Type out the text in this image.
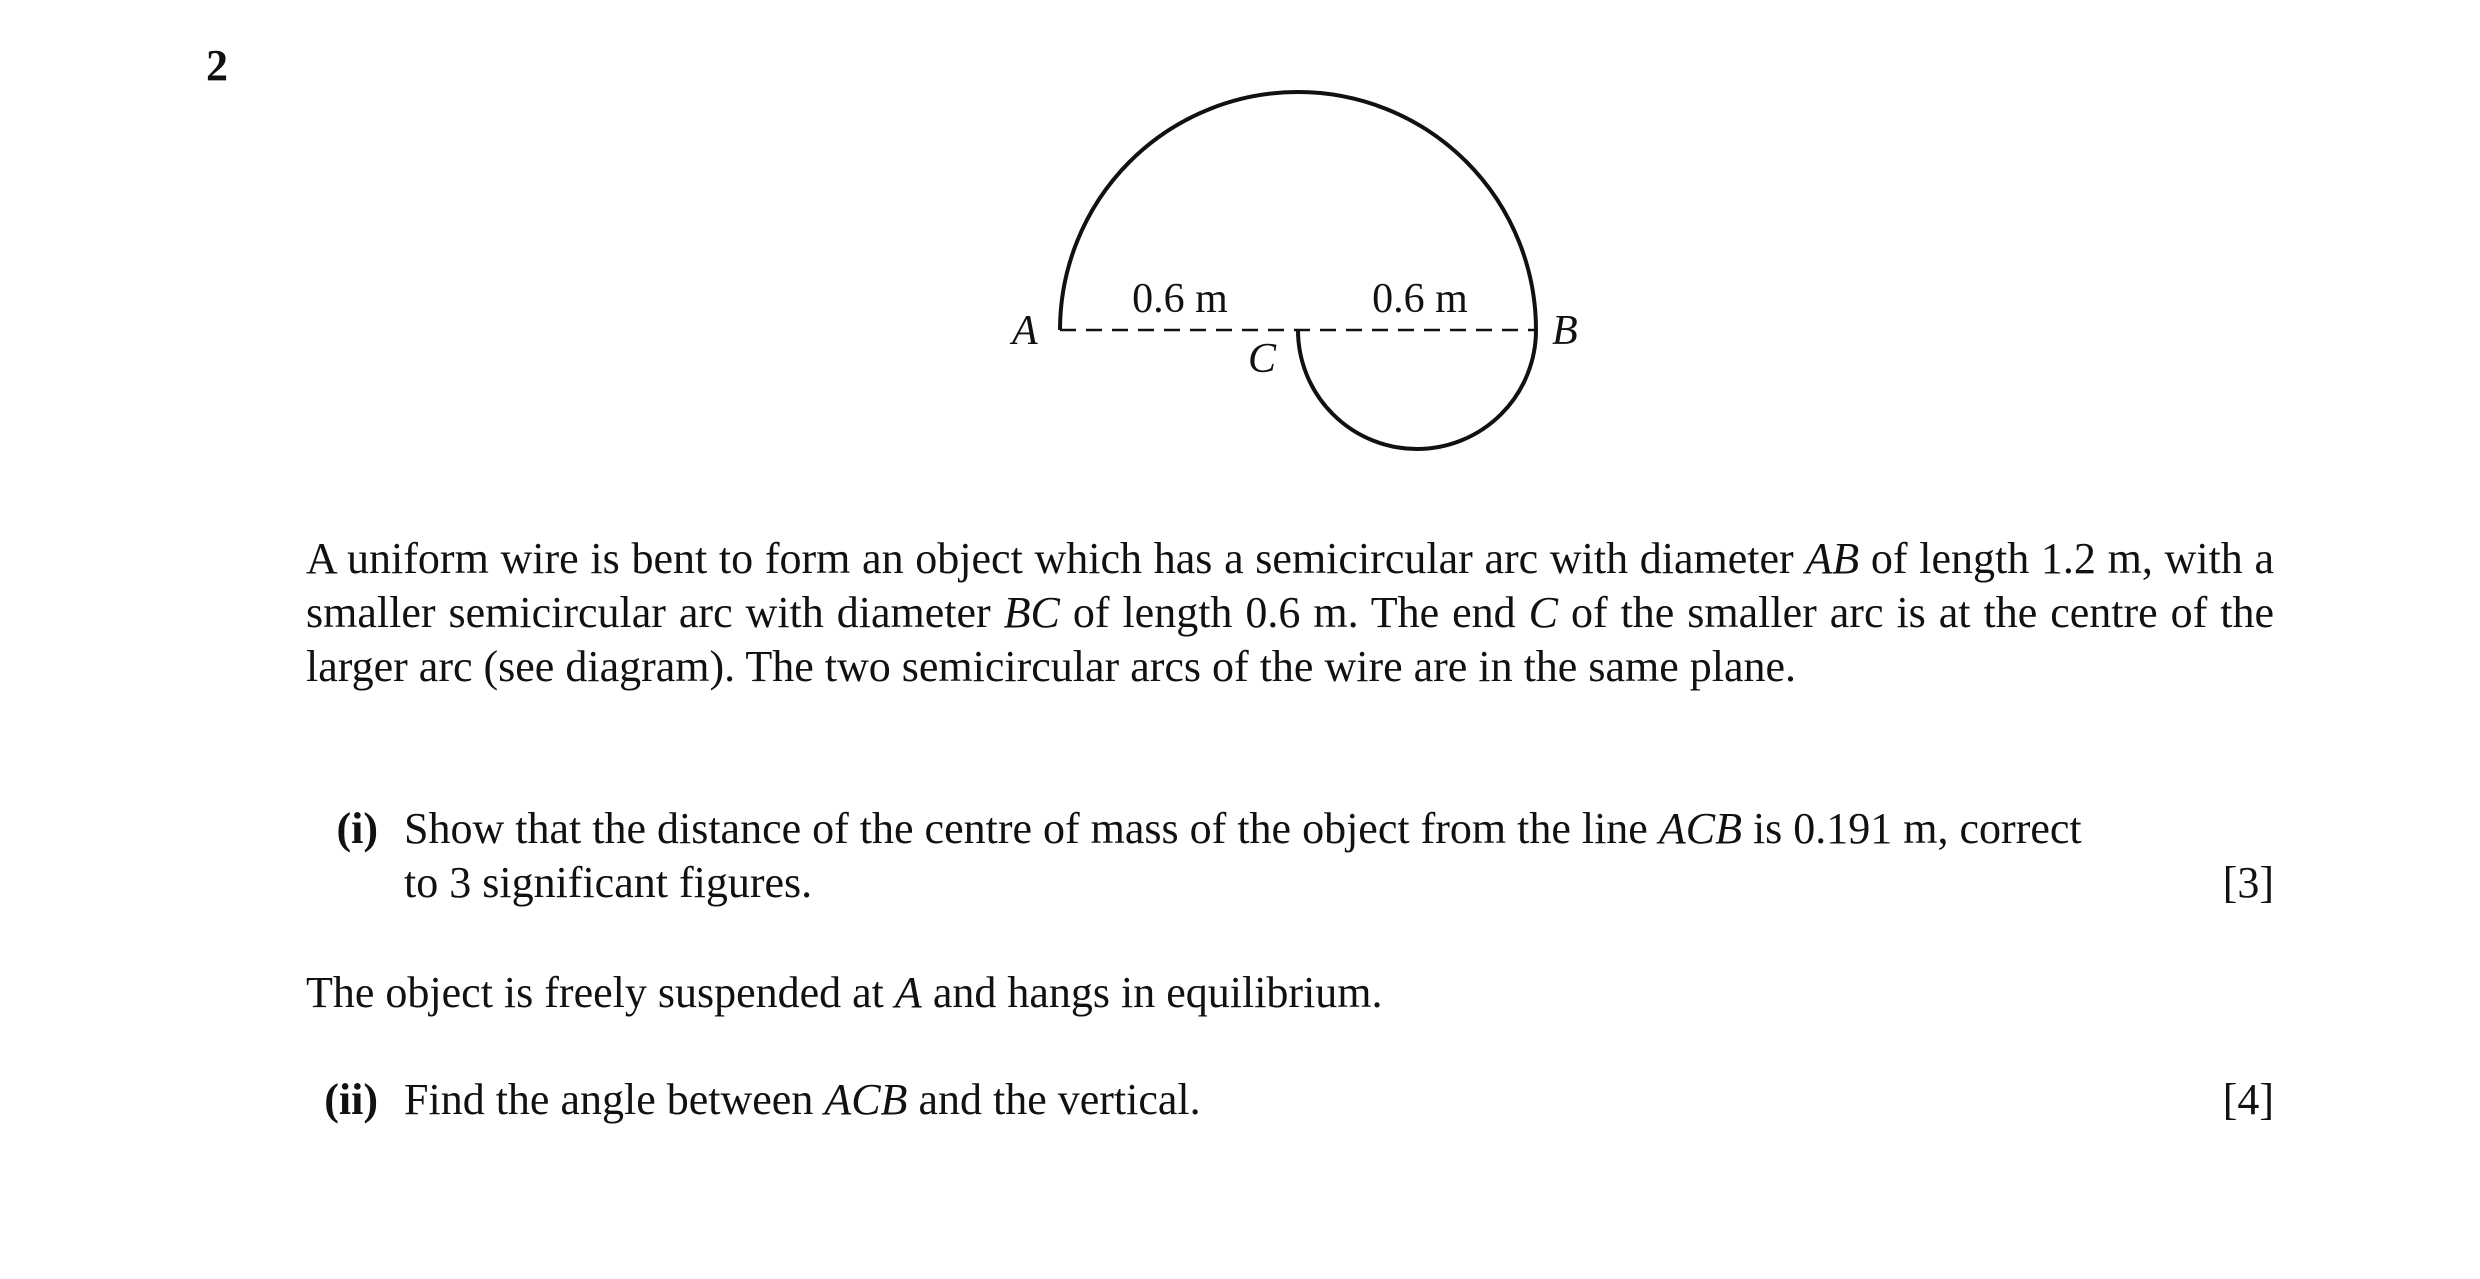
2
0.6 m	0.6 m
A	B
C

A uniform wire is bent to form an object which has a semicircular arc with diameter AB of length 1.2 m, with a smaller semicircular arc with diameter BC of length 0.6 m. The end C of the smaller arc is at the centre of the larger arc (see diagram). The two semicircular arcs of the wire are in the same plane.

(i) Show that the distance of the centre of mass of the object from the line ACB is 0.191 m, correct
to 3 significant figures.	[3]

The object is freely suspended at A and hangs in equilibrium.

(ii) Find the angle between ACB and the vertical.	[4]
